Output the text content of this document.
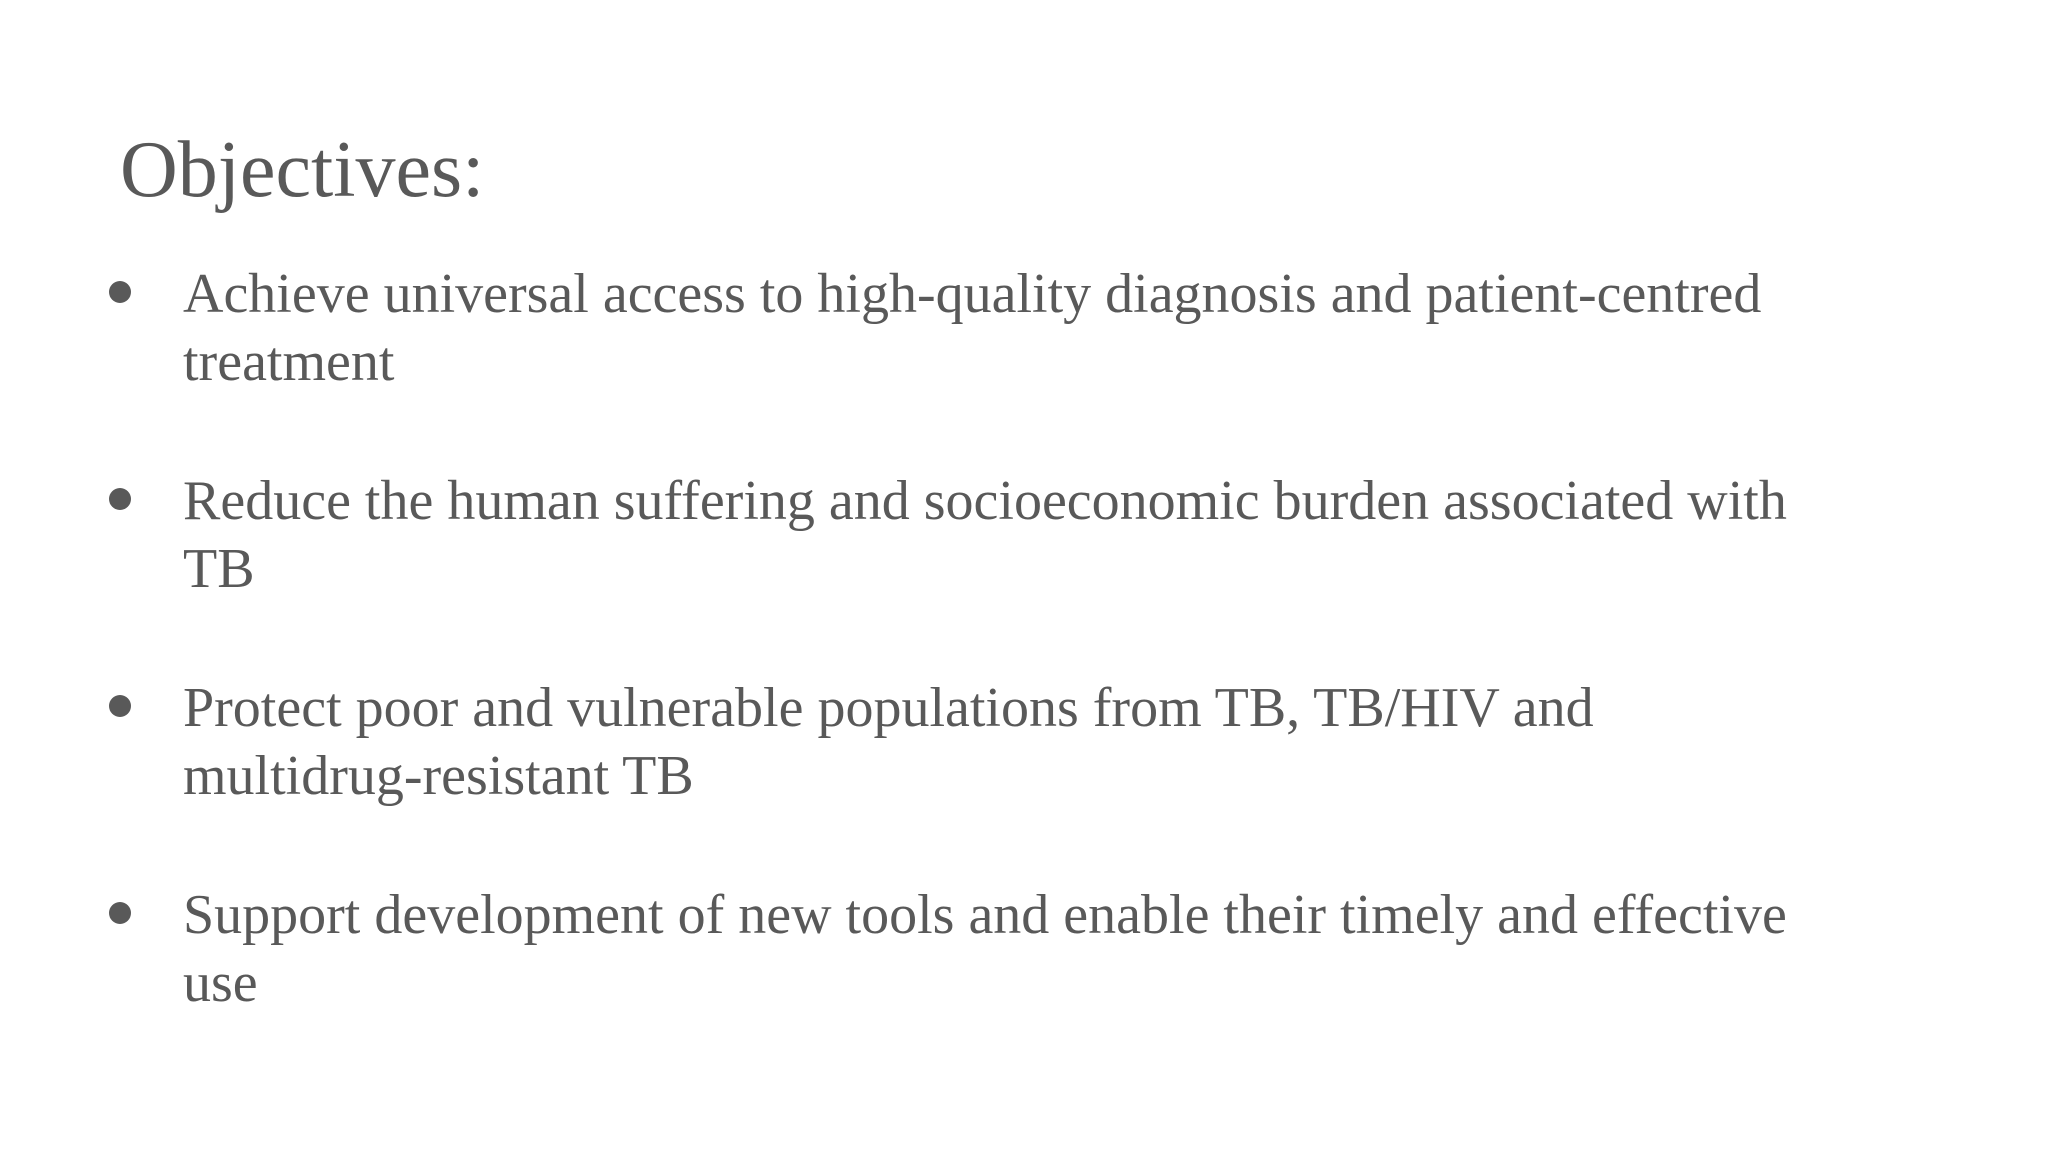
Objectives:
Achieve universal access to high-quality diagnosis and patient-centred
treatment
Reduce the human suffering and socioeconomic burden associated with
TB
Protect poor and vulnerable populations from TB, TB/HIV and
multidrug-resistant TB
Support development of new tools and enable their timely and effective
use
